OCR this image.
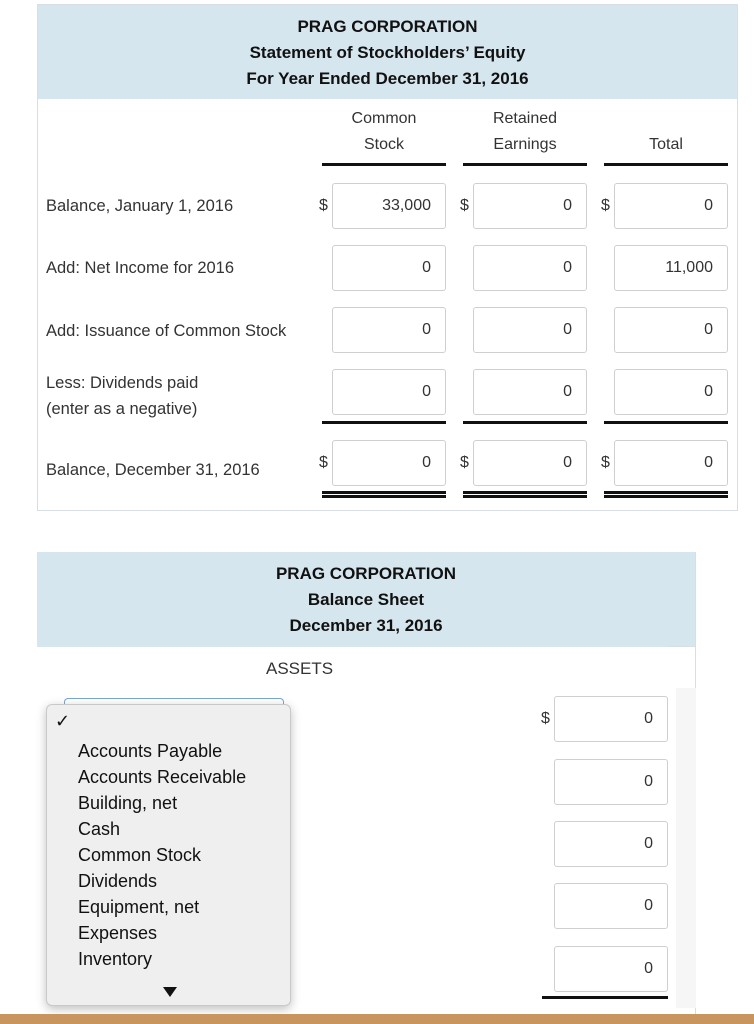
PRAG CORPORATION
Statement of Stockholders’ Equity
For Year Ended December 31, 2016
Common
Stock
Retained
Earnings	Total
Balance, January 1, 2016	$	33,000	$	0	$	0
Add: Net Income for 2016	0	0	11,000
Add: Issuance of Common Stock	0	0	0
Less: Dividends paid
(enter as a negative)
0	0	0
Balance, December 31, 2016	$	0	$	0	$	0
PRAG CORPORATION
Balance Sheet
December 31, 2016
ASSETS
$	0
0
0
0
0
✓
Accounts Payable
Accounts Receivable
Building, net
Cash
Common Stock
Dividends
Equipment, net
Expenses
Inventory
